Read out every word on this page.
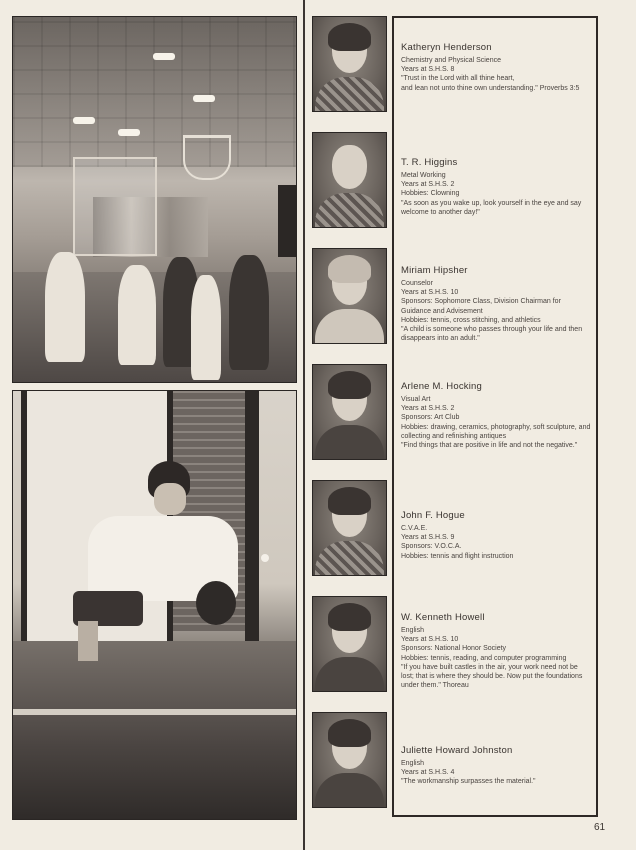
Katheryn Henderson
Chemistry and Physical Science
Years at S.H.S. 8
"Trust in the Lord with all thine heart,
and lean not unto thine own understanding." Proverbs 3:5
T. R. Higgins
Metal Working
Years at S.H.S. 2
Hobbies: Clowning
"As soon as you wake up, look yourself in the eye and say welcome to another day!"
Miriam Hipsher
Counselor
Years at S.H.S. 10
Sponsors: Sophomore Class, Division Chairman for Guidance and Advisement
Hobbies: tennis, cross stitching, and athletics
"A child is someone who passes through your life and then disappears into an adult."
Arlene M. Hocking
Visual Art
Years at S.H.S. 2
Sponsors: Art Club
Hobbies: drawing, ceramics, photography, soft sculpture, and collecting and refinishing antiques
"Find things that are positive in life and not the negative."
John F. Hogue
C.V.A.E.
Years at S.H.S. 9
Sponsors: V.O.C.A.
Hobbies: tennis and flight instruction
W. Kenneth Howell
English
Years at S.H.S. 10
Sponsors: National Honor Society
Hobbies: tennis, reading, and computer programming
"If you have built castles in the air, your work need not be lost; that is where they should be. Now put the foundations under them." Thoreau
Juliette Howard Johnston
English
Years at S.H.S. 4
"The workmanship surpasses the material."
61
